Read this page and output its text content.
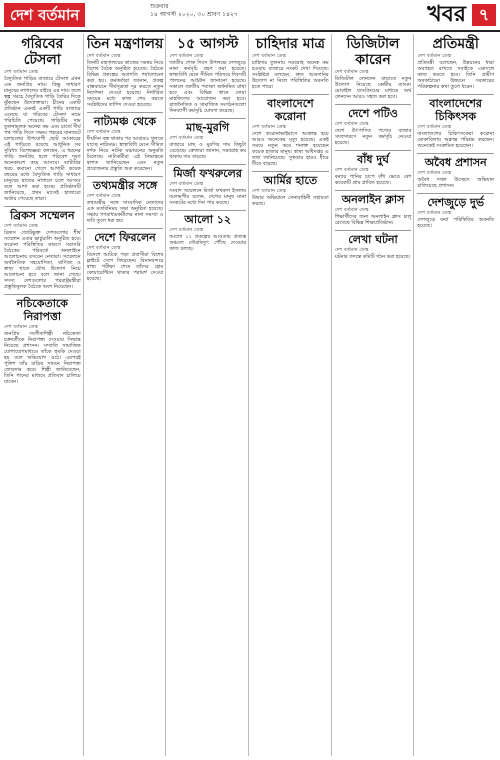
দেশ বর্তমান	শুক্রবার
১৪ আগস্ট ২০২০, ৩০ শ্রাবণ ১৪২৭	খবর ৭
গরিবের টেসলা
দেশ বর্তমান ডেস্ক
বৈদ্যুতিক গাড়ির বাজারে টেসলা এখন এক জনপ্রিয় নাম। কিন্তু সাধারণ মানুষের নাগালের বাইরে এর দাম। ফলে স্বল্প খরচে বৈদ্যুতিক গাড়ি তৈরির দিকে ঝুঁকছেন উদ্যোক্তারা। চীনের একটি প্রতিষ্ঠান এমনই একটি গাড়ি বাজারে এনেছে যা গরিবের টেসলা নামে পরিচিতি পেয়েছে। গাড়িটির দাম তুলনামূলক অনেক কম এবং চার্জে দীর্ঘ পথ পাড়ি দিতে সক্ষম। শহরের যানজটে চলাচলের উপযোগী ছোট আকারের এই গাড়িতে রয়েছে আধুনিক সব সুবিধা। বিশেষজ্ঞরা বলছেন, এ ধরনের গাড়ি জনপ্রিয় হলে পরিবেশ দূষণ অনেকাংশে কমে আসবে। ব্যাটারির খরচ কমানো গেলে আগামী কয়েক বছরের মধ্যে বৈদ্যুতিক গাড়ি সাধারণ মানুষের হাতের নাগালে চলে আসবে বলে আশা করা হচ্ছে। প্রতিষ্ঠানটি জানিয়েছে, প্রথম মাসেই হাজারো অর্ডার পেয়েছে তারা।
ব্রিকস সম্মেলন
দেশ বর্তমান ডেস্ক
ব্রিকস জোটভুক্ত দেশগুলোর শীর্ষ সম্মেলন এবার ভার্চুয়ালি অনুষ্ঠিত হবে। করোনা পরিস্থিতির কারণে সরাসরি বৈঠকের পরিবর্তে অনলাইনে আলোচনায় বসবেন নেতারা। সম্মেলনে অর্থনৈতিক সহযোগিতা, বাণিজ্য ও স্বাস্থ্য খাতে যৌথ উদ্যোগ নিয়ে আলোচনা হবে বলে জানা গেছে। সদস্য দেশগুলোর পররাষ্ট্রমন্ত্রীরা প্রস্তুতিমূলক বৈঠকে অংশ নিয়েছেন।
নচিকেতাকে নিরাপত্তা
দেশ বর্তমান ডেস্ক
জনপ্রিয় সংগীতশিল্পী নচিকেতা চক্রবর্তীকে নিরাপত্তা দেওয়ার সিদ্ধান্ত নিয়েছে প্রশাসন। সম্প্রতি সামাজিক যোগাযোগমাধ্যমে তাঁকে হুমকি দেওয়া হয় বলে অভিযোগ ওঠে। এরপরই পুলিশ তাঁর বাড়ির সামনে নিরাপত্তা জোরদার করে। শিল্পী জানিয়েছেন, তিনি গানের মাধ্যমে প্রতিবাদ চালিয়ে যাবেন।
তিন মন্ত্রণালয়
দেশ বর্তমান ডেস্ক
তিনটি মন্ত্রণালয়ের কাজের সমন্বয় নিয়ে বিশেষ বৈঠক অনুষ্ঠিত হয়েছে। বৈঠকে বিভিন্ন প্রকল্পের অগ্রগতি পর্যালোচনা করা হয়। কর্মকর্তারা জানান, প্রকল্প বাস্তবায়নে দীর্ঘসূত্রতা দূর করতে নতুন নির্দেশনা দেওয়া হয়েছে। নির্ধারিত সময়ের মধ্যে কাজ শেষ করতে সংশ্লিষ্টদের তাগিদ দেওয়া হয়েছে।
নাট্যমঞ্চ থেকে
দেশ বর্তমান ডেস্ক
দীর্ঘদিন বন্ধ থাকার পর আবারও খুলতে যাচ্ছে নাট্যমঞ্চ। স্বাস্থ্যবিধি মেনে সীমিত দর্শক নিয়ে নাটক মঞ্চায়নের অনুমতি মিলেছে। নাট্যকর্মীরা এই সিদ্ধান্তকে স্বাগত জানিয়েছেন এবং নতুন প্রযোজনার প্রস্তুতি শুরু করেছেন।
তথ্যমন্ত্রীর সঙ্গে
দেশ বর্তমান ডেস্ক
তথ্যমন্ত্রীর সঙ্গে সাংবাদিক নেতাদের এক মতবিনিময় সভা অনুষ্ঠিত হয়েছে। সভায় গণমাধ্যমকর্মীদের নানা সমস্যা ও দাবি তুলে ধরা হয়।
দেশে ফিরলেন
দেশ বর্তমান ডেস্ক
বিদেশে আটকে পড়া প্রবাসীরা বিশেষ ফ্লাইটে দেশে ফিরেছেন। বিমানবন্দরে স্বাস্থ্য পরীক্ষা শেষে তাঁদের হোম কোয়ারেন্টিনে থাকার পরামর্শ দেওয়া হয়েছে।
১৫ আগস্ট
দেশ বর্তমান ডেস্ক
জাতীয় শোক দিবস উপলক্ষে দেশজুড়ে নানা কর্মসূচি গ্রহণ করা হয়েছে। স্বাস্থ্যবিধি মেনে সীমিত পরিসরে দিবসটি পালনের আহ্বান জানানো হয়েছে। সকালে জাতীয় পতাকা অর্ধনমিত রাখা হবে এবং বিভিন্ন স্থানে দোয়া মাহফিলের আয়োজন করা হবে। রাজনৈতিক ও সামাজিক সংগঠনগুলো দিনব্যাপী কর্মসূচি ঘোষণা করেছে।
মাছ-মুরগি
দেশ বর্তমান ডেস্ক
বাজারে মাছ ও মুরগির দাম কিছুটা বেড়েছে। ক্রেতারা জানান, সরবরাহ কম থাকায় দাম বাড়ছে।
মির্জা ফখরুলের
দেশ বর্তমান ডেস্ক
সংবাদ সম্মেলনে মির্জা ফখরুল ইসলাম আলমগীর বলেন, দেশের মানুষ নানা সংকটের মধ্যে দিন পার করছে।
আলো ১২
দেশ বর্তমান ডেস্ক
আলো ১২ প্রকল্পের আওতায় প্রত্যন্ত অঞ্চলে সৌরবিদ্যুৎ পৌঁছে দেওয়ার কাজ চলছে।
চাহিদার মাত্র
দেশ বর্তমান ডেস্ক
চাহিদার তুলনায় সরবরাহ অনেক কম হওয়ায় বাজারে সংকট দেখা দিয়েছে। সংশ্লিষ্টরা বলছেন, দ্রুত আমদানির উদ্যোগ না নিলে পরিস্থিতির অবনতি হতে পারে।
বাংলাদেশে করোনা
দেশ বর্তমান ডেস্ক
দেশে করোনাভাইরাসে আক্রান্ত হয়ে আরও অনেকের মৃত্যু হয়েছে। একই সময়ে নতুন করে শনাক্ত হয়েছেন কয়েক হাজার মানুষ। স্বাস্থ্য অধিদপ্তর এ তথ্য জানিয়েছে। সুস্থতার হারও ধীরে ধীরে বাড়ছে।
আর্মির হাতে
দেশ বর্তমান ডেস্ক
উদ্ধার অভিযানে সেনাবাহিনী সহায়তা করছে।
ডিজিটাল কারেন
দেশ বর্তমান ডেস্ক
ডিজিটাল লেনদেন বাড়াতে নতুন উদ্যোগ নিয়েছে কেন্দ্রীয় ব্যাংক। মোবাইল ব্যাংকিংয়ের মাধ্যমে অর্থ লেনদেন আরও সহজ করা হবে।
দেশে পটিও
দেশ বর্তমান ডেস্ক
দেশে উৎপাদিত পণ্যের বাজার সম্প্রসারণে নতুন কর্মসূচি নেওয়া হয়েছে।
বাঁধ দুর্ঘ
দেশ বর্তমান ডেস্ক
বন্যার পানির চাপে বাঁধ ভেঙে বেশ কয়েকটি গ্রাম প্লাবিত হয়েছে।
অনলাইন ক্লাস
দেশ বর্তমান ডেস্ক
শিক্ষার্থীদের জন্য অনলাইন ক্লাস চালু রেখেছে বিভিন্ন শিক্ষাপ্রতিষ্ঠান।
লেখা ঘটনা
দেশ বর্তমান ডেস্ক
ঘটনার তদন্তে কমিটি গঠন করা হয়েছে।
প্রতিমন্ত্রী
দেশ বর্তমান ডেস্ক
প্রতিমন্ত্রী বলেছেন, উন্নয়নের ধারা অব্যাহত রাখতে সবাইকে একসঙ্গে কাজ করতে হবে। তিনি গ্রামীণ অবকাঠামো উন্নয়নে সরকারের পরিকল্পনার কথা তুলে ধরেন।
বাংলাদেশের চিকিৎসক
দেশ বর্তমান ডেস্ক
বাংলাদেশের চিকিৎসকেরা করোনা মোকাবিলায় অক্লান্ত পরিশ্রম করছেন। অনেকেই সংক্রমিত হয়েছেন।
অবৈধ প্রশাসন
দেশ বর্তমান ডেস্ক
অবৈধ দখল উচ্ছেদে অভিযান চালিয়েছে প্রশাসন।
দেশজুড়ে দুর্ভ
দেশ বর্তমান ডেস্ক
দেশজুড়ে বন্যা পরিস্থিতির অবনতি হয়েছে।
